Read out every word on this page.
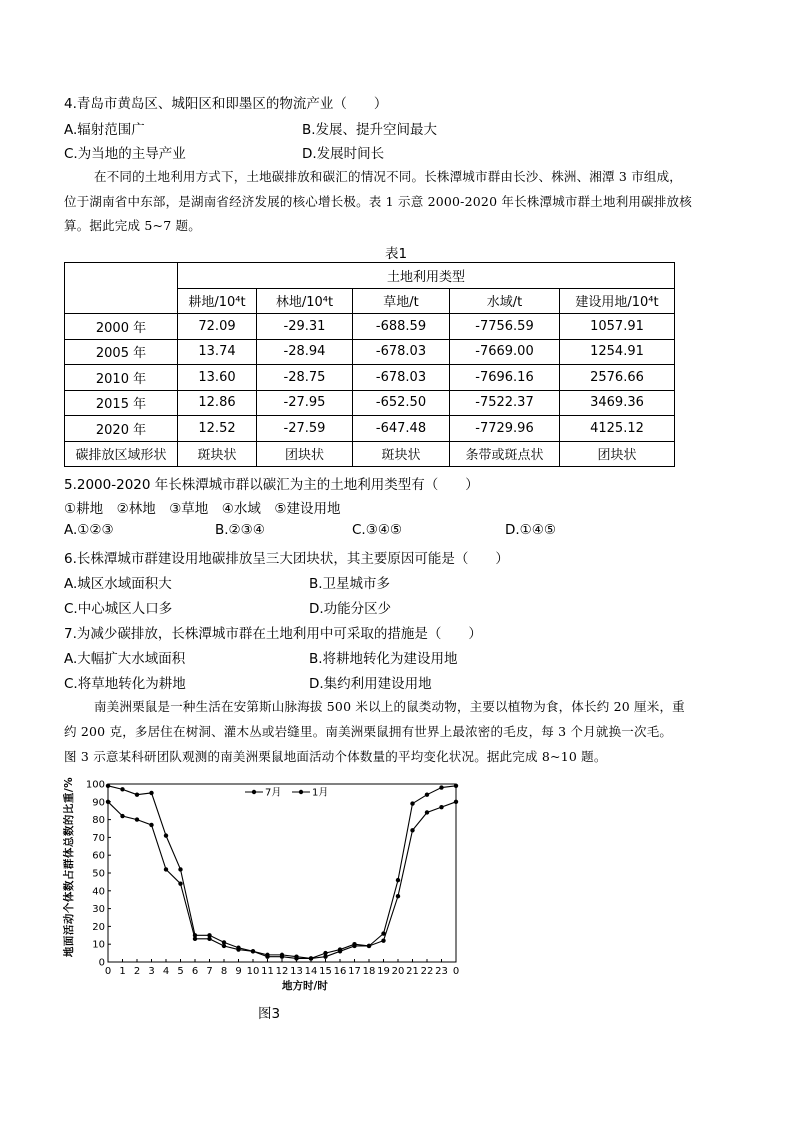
4.青岛市黄岛区、城阳区和即墨区的物流产业（　　）
A.辐射范围广	B.发展、提升空间最大
C.为当地的主导产业	D.发展时间长
在不同的土地利用方式下，土地碳排放和碳汇的情况不同。长株潭城市群由长沙、株洲、湘潭 3 市组成，
位于湖南省中东部，是湖南省经济发展的核心增长极。表 1 示意 2000-2020 年长株潭城市群土地利用碳排放核
算。据此完成 5~7 题。
表1
	土地利用类型				
	耕地/10⁴t	林地/10⁴t	草地/t	水域/t	建设用地/10⁴t
2000 年	72.09	-29.31	-688.59	-7756.59	1057.91
2005 年	13.74	-28.94	-678.03	-7669.00	1254.91
2010 年	13.60	-28.75	-678.03	-7696.16	2576.66
2015 年	12.86	-27.95	-652.50	-7522.37	3469.36
2020 年	12.52	-27.59	-647.48	-7729.96	4125.12
碳排放区域形状	斑块状	团块状	斑块状	条带或斑点状	团块状
5.2000-2020 年长株潭城市群以碳汇为主的土地利用类型有（　　）
①耕地　②林地　③草地　④水域　⑤建设用地
A.①②③	B.②③④	C.③④⑤	D.①④⑤
6.长株潭城市群建设用地碳排放呈三大团块状，其主要原因可能是（　　）
A.城区水域面积大	B.卫星城市多
C.中心城区人口多	D.功能分区少
7.为减少碳排放，长株潭城市群在土地利用中可采取的措施是（　　）
A.大幅扩大水域面积	B.将耕地转化为建设用地
C.将草地转化为耕地	D.集约利用建设用地
南美洲栗鼠是一种生活在安第斯山脉海拔 500 米以上的鼠类动物，主要以植物为食，体长约 20 厘米，重
约 200 克，多居住在树洞、灌木丛或岩缝里。南美洲栗鼠拥有世界上最浓密的毛皮，每 3 个月就换一次毛。
图 3 示意某科研团队观测的南美洲栗鼠地面活动个体数量的平均变化状况。据此完成 8~10 题。
0
10
20
30
40
50
60
70
80
90
100
0 1 2 3 4 5 6 7 8 9 10 11 12 13 14 15 16 17 18 19 20 21 22 23 0
7月	1月
地面活动个体数占群体总数的比重/%
地方时/时
图3
